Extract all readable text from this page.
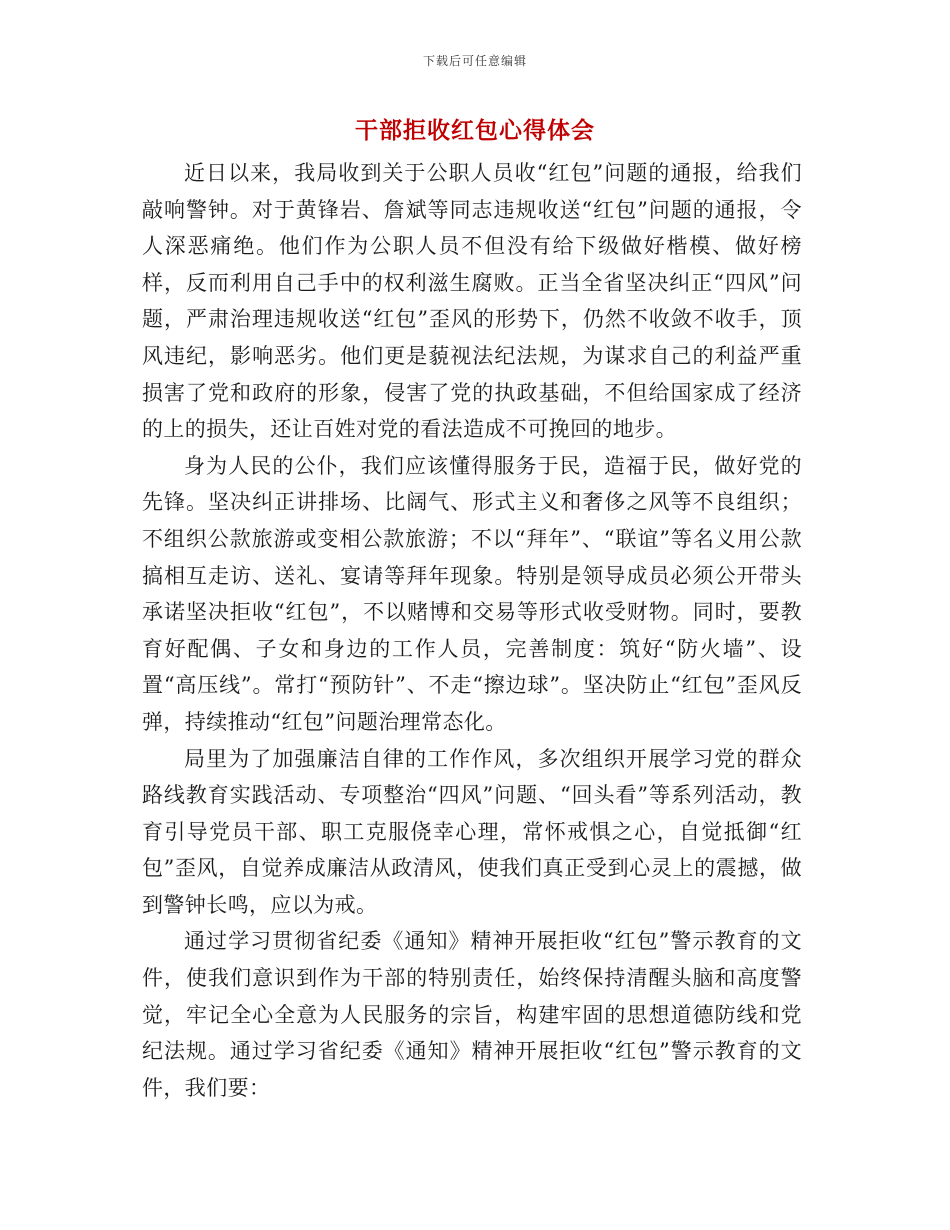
下载后可任意编辑
干部拒收红包心得体会

近日以来，我局收到关于公职人员收“红包”问题的通报，给我们敲响警钟。对于黄锋岩、詹斌等同志违规收送“红包”问题的通报，令人深恶痛绝。他们作为公职人员不但没有给下级做好楷模、做好榜样，反而利用自己手中的权利滋生腐败。正当全省坚决纠正“四风”问题，严肃治理违规收送“红包”歪风的形势下，仍然不收敛不收手，顶风违纪，影响恶劣。他们更是藐视法纪法规，为谋求自己的利益严重损害了党和政府的形象，侵害了党的执政基础，不但给国家成了经济的上的损失，还让百姓对党的看法造成不可挽回的地步。

身为人民的公仆，我们应该懂得服务于民，造福于民，做好党的先锋。坚决纠正讲排场、比阔气、形式主义和奢侈之风等不良组织；不组织公款旅游或变相公款旅游；不以“拜年”、“联谊”等名义用公款搞相互走访、送礼、宴请等拜年现象。特别是领导成员必须公开带头承诺坚决拒收“红包”，不以赌博和交易等形式收受财物。同时，要教育好配偶、子女和身边的工作人员，完善制度：筑好“防火墙”、设置“高压线”。常打“预防针”、不走“擦边球”。坚决防止“红包”歪风反弹，持续推动“红包”问题治理常态化。

局里为了加强廉洁自律的工作作风，多次组织开展学习党的群众路线教育实践活动、专项整治“四风”问题、“回头看”等系列活动，教育引导党员干部、职工克服侥幸心理，常怀戒惧之心，自觉抵御“红包”歪风，自觉养成廉洁从政清风，使我们真正受到心灵上的震撼，做到警钟长鸣，应以为戒。

通过学习贯彻省纪委《通知》精神开展拒收“红包”警示教育的文件，使我们意识到作为干部的特别责任，始终保持清醒头脑和高度警觉，牢记全心全意为人民服务的宗旨，构建牢固的思想道德防线和党纪法规。通过学习省纪委《通知》精神开展拒收“红包”警示教育的文件，我们要：
